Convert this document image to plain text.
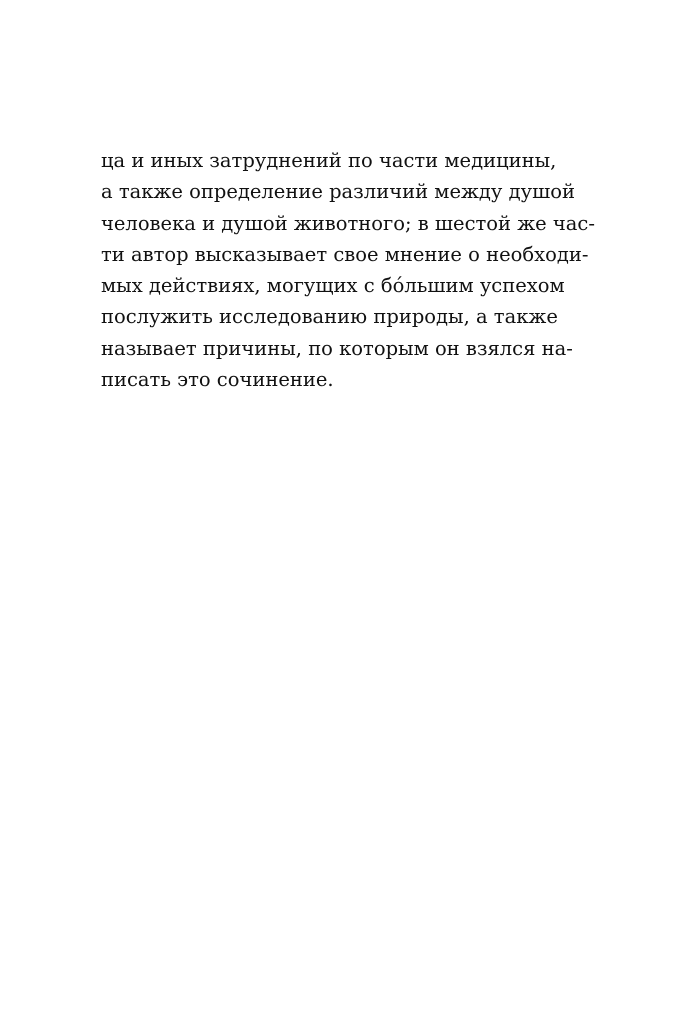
ца и иных затруднений по части медицины,
а также определение различий между душой
человека и душой животного; в шестой же час-
ти автор высказывает свое мнение о необходи-
мых действиях, могущих с бóльшим успехом
послужить исследованию природы, а также
называет причины, по которым он взялся на-
писать это сочинение.
